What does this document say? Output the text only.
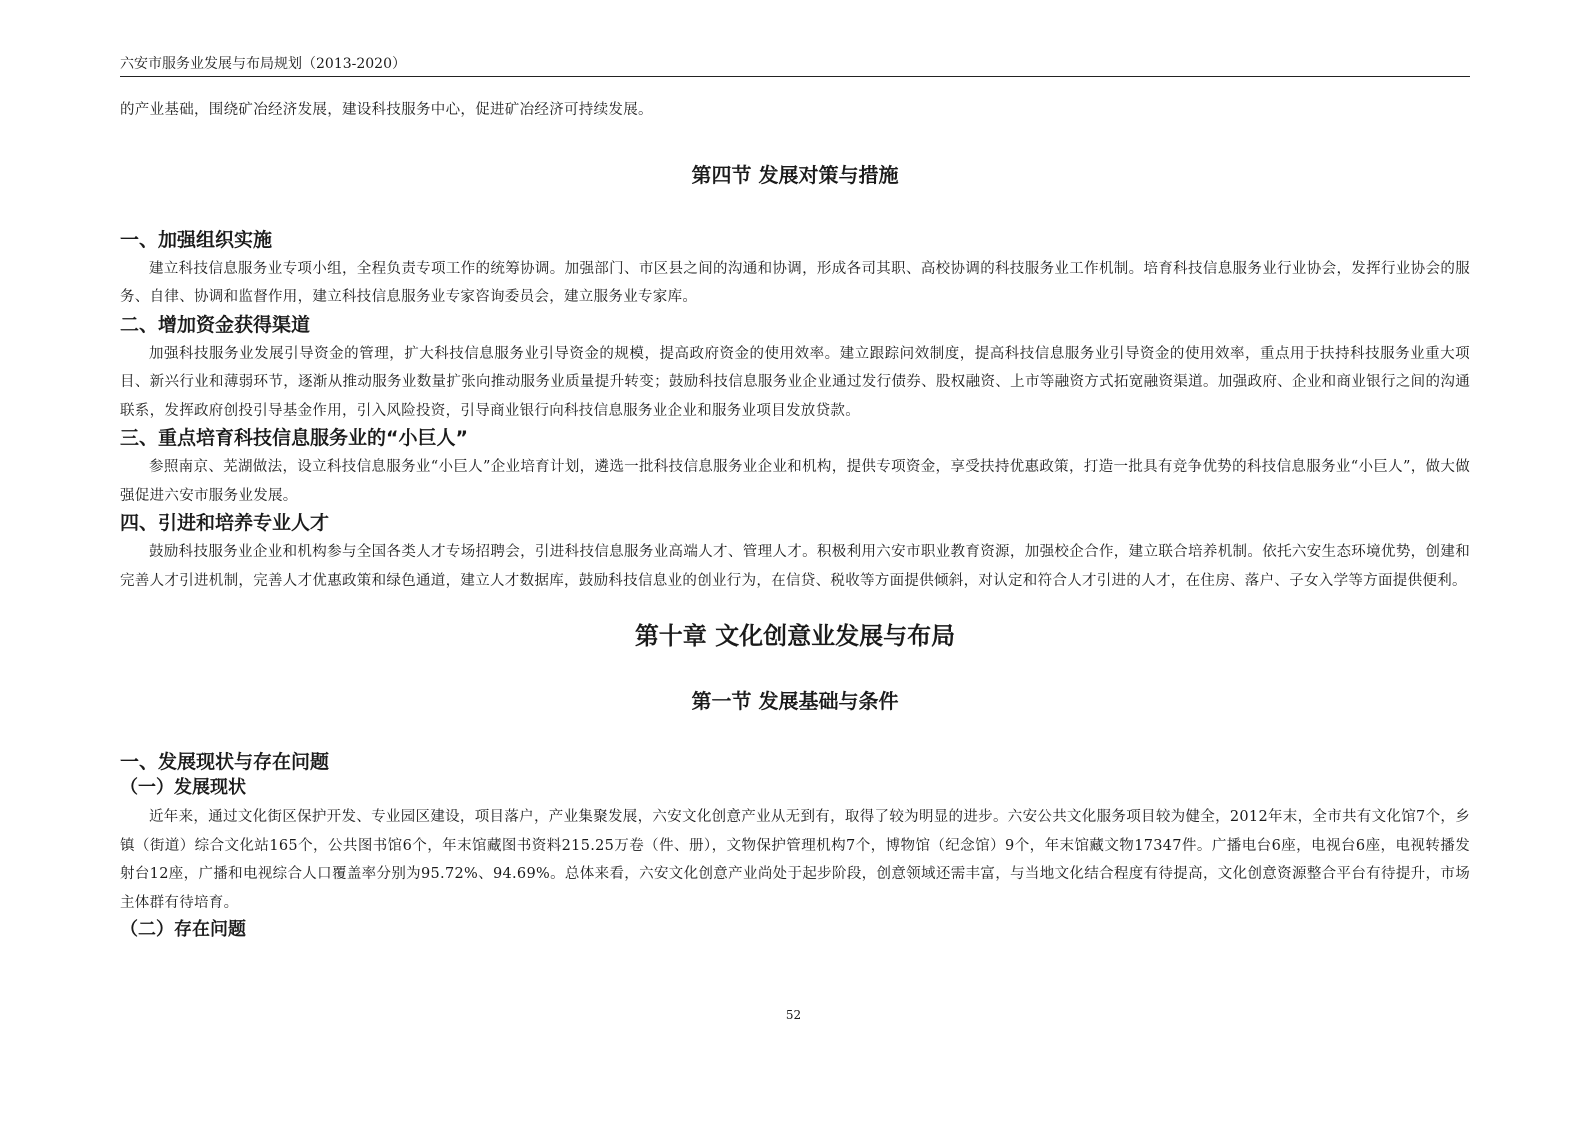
六安市服务业发展与布局规划（2013-2020）

的产业基础，围绕矿冶经济发展，建设科技服务中心，促进矿冶经济可持续发展。

第四节 发展对策与措施
一、加强组织实施

建立科技信息服务业专项小组，全程负责专项工作的统筹协调。加强部门、市区县之间的沟通和协调，形成各司其职、高校协调的科技服务业工作机制。培育科技信息服务业行业协会，发挥行业协会的服务、自律、协调和监督作用，建立科技信息服务业专家咨询委员会，建立服务业专家库。

二、增加资金获得渠道

加强科技服务业发展引导资金的管理，扩大科技信息服务业引导资金的规模，提高政府资金的使用效率。建立跟踪问效制度，提高科技信息服务业引导资金的使用效率，重点用于扶持科技服务业重大项目、新兴行业和薄弱环节，逐渐从推动服务业数量扩张向推动服务业质量提升转变；鼓励科技信息服务业企业通过发行债券、股权融资、上市等融资方式拓宽融资渠道。加强政府、企业和商业银行之间的沟通联系，发挥政府创投引导基金作用，引入风险投资，引导商业银行向科技信息服务业企业和服务业项目发放贷款。

三、重点培育科技信息服务业的“小巨人”

参照南京、芜湖做法，设立科技信息服务业“小巨人”企业培育计划，遴选一批科技信息服务业企业和机构，提供专项资金，享受扶持优惠政策，打造一批具有竞争优势的科技信息服务业“小巨人”，做大做强促进六安市服务业发展。

四、引进和培养专业人才

鼓励科技服务业企业和机构参与全国各类人才专场招聘会，引进科技信息服务业高端人才、管理人才。积极利用六安市职业教育资源，加强校企合作，建立联合培养机制。依托六安生态环境优势，创建和完善人才引进机制，完善人才优惠政策和绿色通道，建立人才数据库，鼓励科技信息业的创业行为，在信贷、税收等方面提供倾斜，对认定和符合人才引进的人才，在住房、落户、子女入学等方面提供便利。

第十章 文化创意业发展与布局
第一节 发展基础与条件
一、发展现状与存在问题
（一）发展现状

近年来，通过文化街区保护开发、专业园区建设，项目落户，产业集聚发展，六安文化创意产业从无到有，取得了较为明显的进步。六安公共文化服务项目较为健全，2012年末，全市共有文化馆7个，乡镇（街道）综合文化站165个，公共图书馆6个，年末馆藏图书资料215.25万卷（件、册），文物保护管理机构7个，博物馆（纪念馆）9个，年末馆藏文物17347件。广播电台6座，电视台6座，电视转播发射台12座，广播和电视综合人口覆盖率分别为95.72%、94.69%。总体来看，六安文化创意产业尚处于起步阶段，创意领域还需丰富，与当地文化结合程度有待提高，文化创意资源整合平台有待提升，市场主体群有待培育。

（二）存在问题
52
